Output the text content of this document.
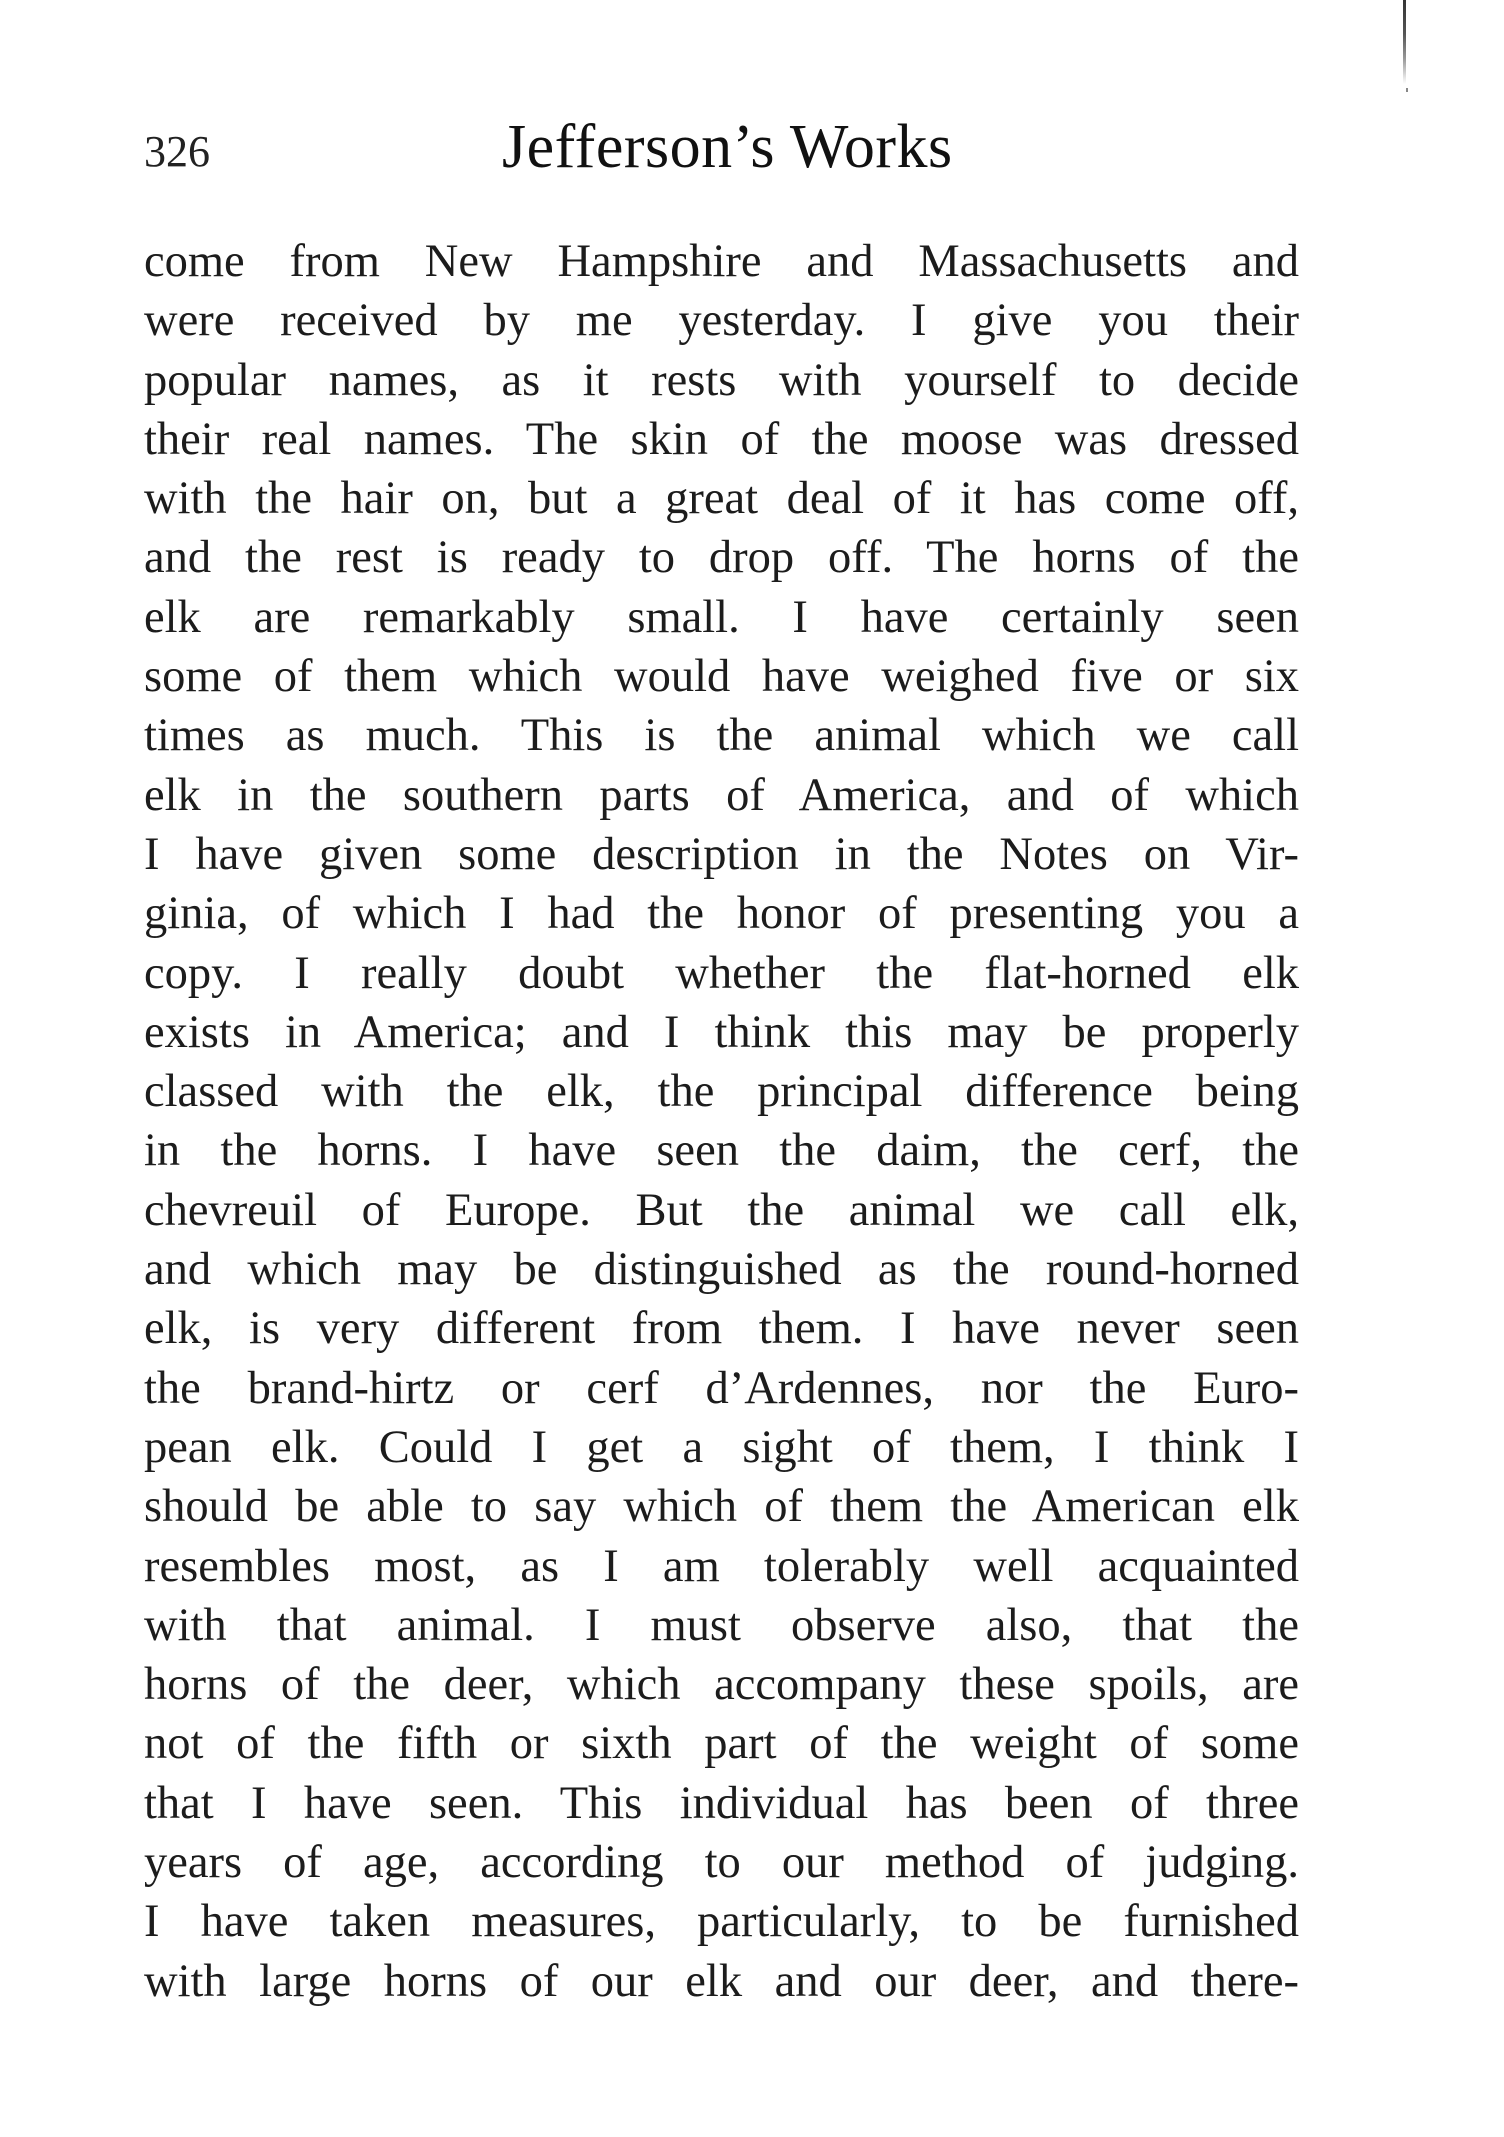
326	Jefferson’s Works
come from New Hampshire and Massachusetts and
were received by me yesterday. I give you their
popular names, as it rests with yourself to decide
their real names. The skin of the moose was dressed
with the hair on, but a great deal of it has come off,
and the rest is ready to drop off. The horns of the
elk are remarkably small. I have certainly seen
some of them which would have weighed five or six
times as much. This is the animal which we call
elk in the southern parts of America, and of which
I have given some description in the Notes on Vir-
ginia, of which I had the honor of presenting you a
copy. I really doubt whether the flat-horned elk
exists in America; and I think this may be properly
classed with the elk, the principal difference being
in the horns. I have seen the daim, the cerf, the
chevreuil of Europe. But the animal we call elk,
and which may be distinguished as the round-horned
elk, is very different from them. I have never seen
the brand-hirtz or cerf d’Ardennes, nor the Euro-
pean elk. Could I get a sight of them, I think I
should be able to say which of them the American elk
resembles most, as I am tolerably well acquainted
with that animal. I must observe also, that the
horns of the deer, which accompany these spoils, are
not of the fifth or sixth part of the weight of some
that I have seen. This individual has been of three
years of age, according to our method of judging.
I have taken measures, particularly, to be furnished
with large horns of our elk and our deer, and there-
